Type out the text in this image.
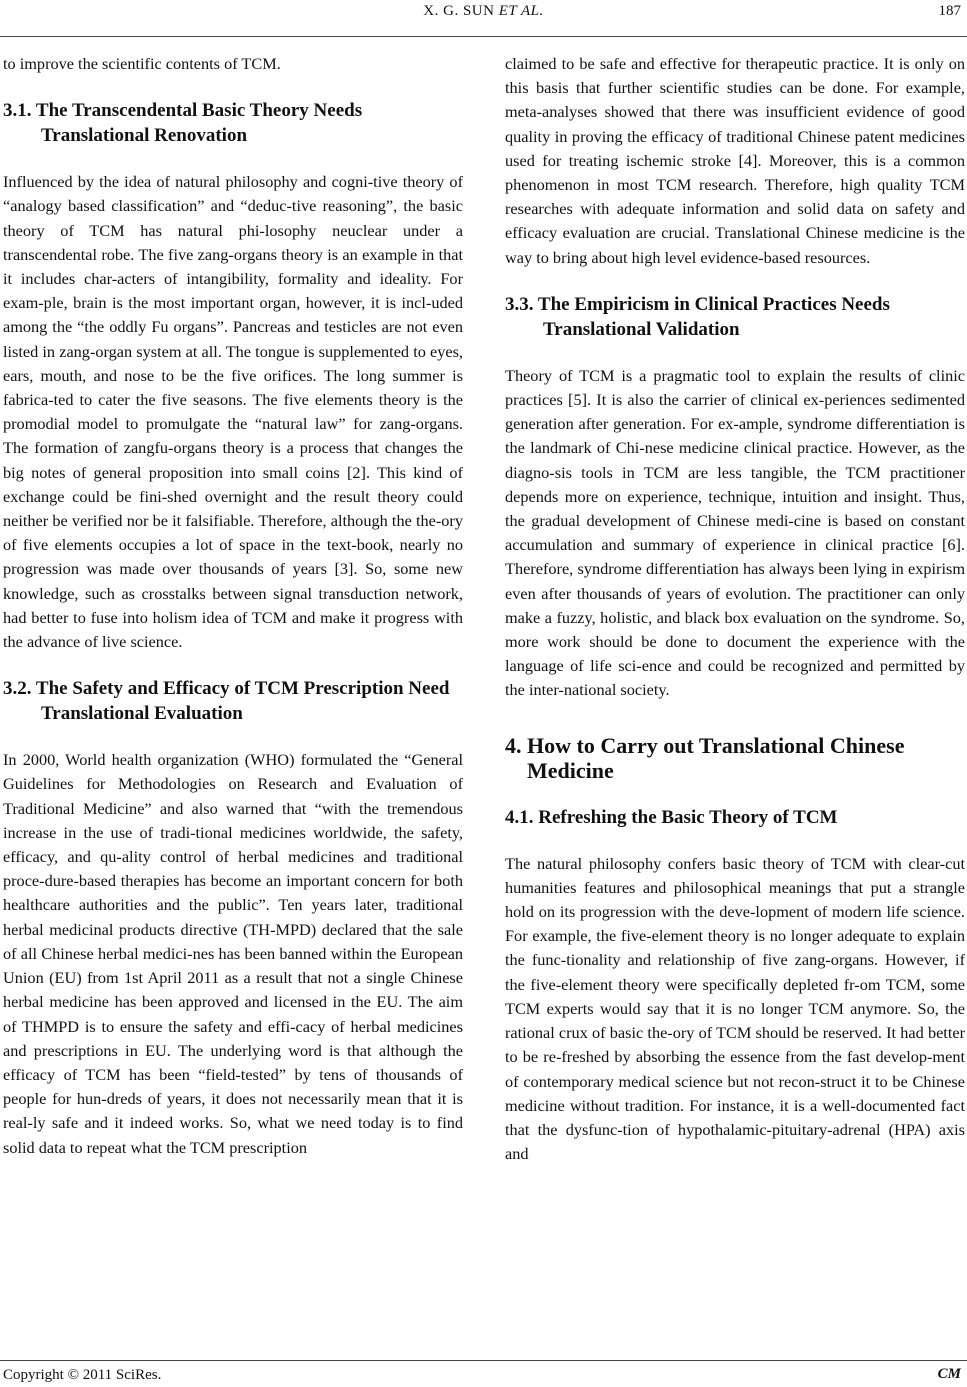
X. G. SUN ET AL.	187

to improve the scientific contents of TCM.

3.1. The Transcendental Basic Theory Needs Translational Renovation

Influenced by the idea of natural philosophy and cogni-tive theory of “analogy based classification” and “deduc-tive reasoning”, the basic theory of TCM has natural phi-losophy neuclear under a transcendental robe. The five zang-organs theory is an example in that it includes char-acters of intangibility, formality and ideality. For exam-ple, brain is the most important organ, however, it is incl-uded among the “the oddly Fu organs”. Pancreas and testicles are not even listed in zang-organ system at all. The tongue is supplemented to eyes, ears, mouth, and nose to be the five orifices. The long summer is fabrica-ted to cater the five seasons. The five elements theory is the promodial model to promulgate the “natural law” for zang-organs. The formation of zangfu-organs theory is a process that changes the big notes of general proposition into small coins [2]. This kind of exchange could be fini-shed overnight and the result theory could neither be verified nor be it falsifiable. Therefore, although the the-ory of five elements occupies a lot of space in the text-book, nearly no progression was made over thousands of years [3]. So, some new knowledge, such as crosstalks between signal transduction network, had better to fuse into holism idea of TCM and make it progress with the advance of live science.

3.2. The Safety and Efficacy of TCM Prescription Need Translational Evaluation

In 2000, World health organization (WHO) formulated the “General Guidelines for Methodologies on Research and Evaluation of Traditional Medicine” and also warned that “with the tremendous increase in the use of tradi-tional medicines worldwide, the safety, efficacy, and qu-ality control of herbal medicines and traditional proce-dure-based therapies has become an important concern for both healthcare authorities and the public”. Ten years later, traditional herbal medicinal products directive (TH-MPD) declared that the sale of all Chinese herbal medici-nes has been banned within the European Union (EU) from 1st April 2011 as a result that not a single Chinese herbal medicine has been approved and licensed in the EU. The aim of THMPD is to ensure the safety and effi-cacy of herbal medicines and prescriptions in EU. The underlying word is that although the efficacy of TCM has been “field-tested” by tens of thousands of people for hun-dreds of years, it does not necessarily mean that it is real-ly safe and it indeed works. So, what we need today is to find solid data to repeat what the TCM prescription

claimed to be safe and effective for therapeutic practice. It is only on this basis that further scientific studies can be done. For example, meta-analyses showed that there was insufficient evidence of good quality in proving the efficacy of traditional Chinese patent medicines used for treating ischemic stroke [4]. Moreover, this is a common phenomenon in most TCM research. Therefore, high quality TCM researches with adequate information and solid data on safety and efficacy evaluation are crucial. Translational Chinese medicine is the way to bring about high level evidence-based resources.

3.3. The Empiricism in Clinical Practices Needs Translational Validation

Theory of TCM is a pragmatic tool to explain the results of clinic practices [5]. It is also the carrier of clinical ex-periences sedimented generation after generation. For ex-ample, syndrome differentiation is the landmark of Chi-nese medicine clinical practice. However, as the diagno-sis tools in TCM are less tangible, the TCM practitioner depends more on experience, technique, intuition and insight. Thus, the gradual development of Chinese medi-cine is based on constant accumulation and summary of experience in clinical practice [6]. Therefore, syndrome differentiation has always been lying in expirism even after thousands of years of evolution. The practitioner can only make a fuzzy, holistic, and black box evaluation on the syndrome. So, more work should be done to document the experience with the language of life sci-ence and could be recognized and permitted by the inter-national society.

4. How to Carry out Translational Chinese Medicine
4.1. Refreshing the Basic Theory of TCM

The natural philosophy confers basic theory of TCM with clear-cut humanities features and philosophical meanings that put a strangle hold on its progression with the deve-lopment of modern life science. For example, the five-element theory is no longer adequate to explain the func-tionality and relationship of five zang-organs. However, if the five-element theory were specifically depleted fr-om TCM, some TCM experts would say that it is no longer TCM anymore. So, the rational crux of basic the-ory of TCM should be reserved. It had better to be re-freshed by absorbing the essence from the fast develop-ment of contemporary medical science but not recon-struct it to be Chinese medicine without tradition. For instance, it is a well-documented fact that the dysfunc-tion of hypothalamic-pituitary-adrenal (HPA) axis and

Copyright © 2011 SciRes.	CM
